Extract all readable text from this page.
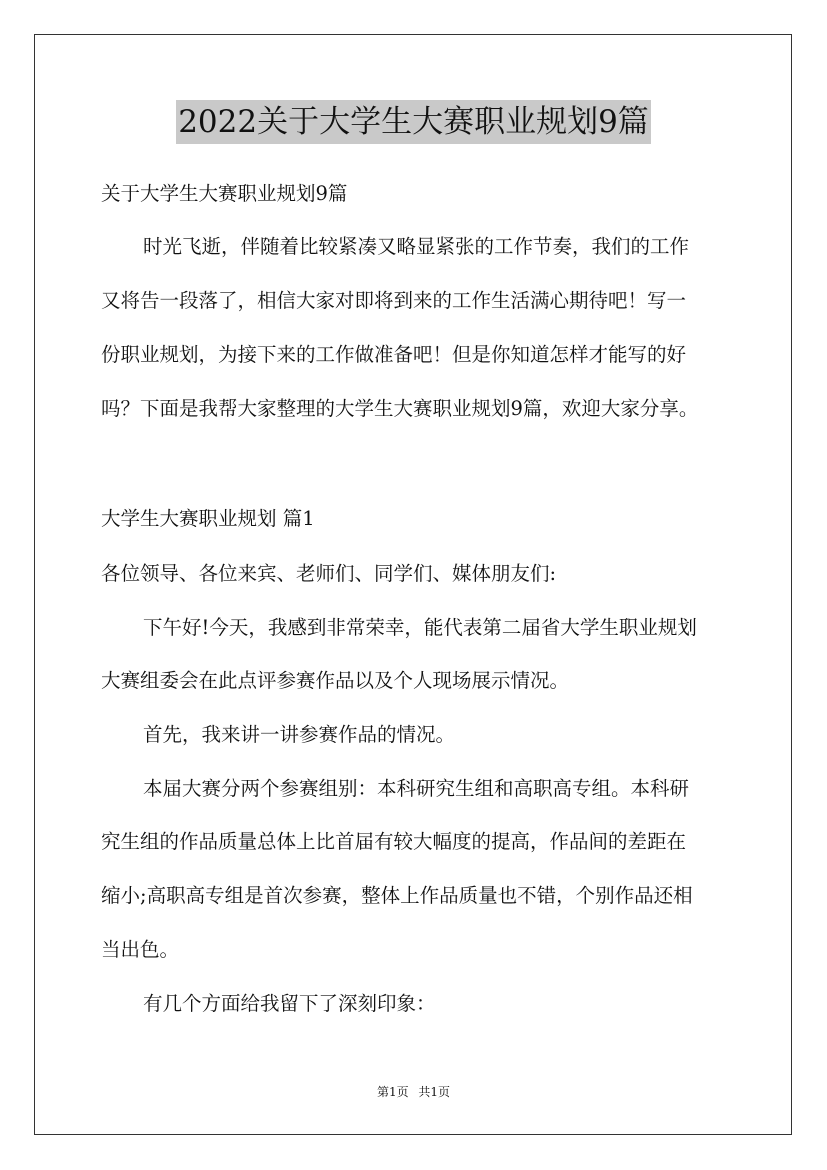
2022关于大学生大赛职业规划9篇
关于大学生大赛职业规划9篇
时光飞逝，伴随着比较紧凑又略显紧张的工作节奏，我们的工作
又将告一段落了，相信大家对即将到来的工作生活满心期待吧！写一
份职业规划，为接下来的工作做准备吧！但是你知道怎样才能写的好
吗？下面是我帮大家整理的大学生大赛职业规划9篇，欢迎大家分享。
大学生大赛职业规划 篇1
各位领导、各位来宾、老师们、同学们、媒体朋友们:
下午好!今天，我感到非常荣幸，能代表第二届省大学生职业规划
大赛组委会在此点评参赛作品以及个人现场展示情况。
首先，我来讲一讲参赛作品的情况。
本届大赛分两个参赛组别：本科研究生组和高职高专组。本科研
究生组的作品质量总体上比首届有较大幅度的提高，作品间的差距在
缩小;高职高专组是首次参赛，整体上作品质量也不错，个别作品还相
当出色。
有几个方面给我留下了深刻印象：
第1页 共1页
